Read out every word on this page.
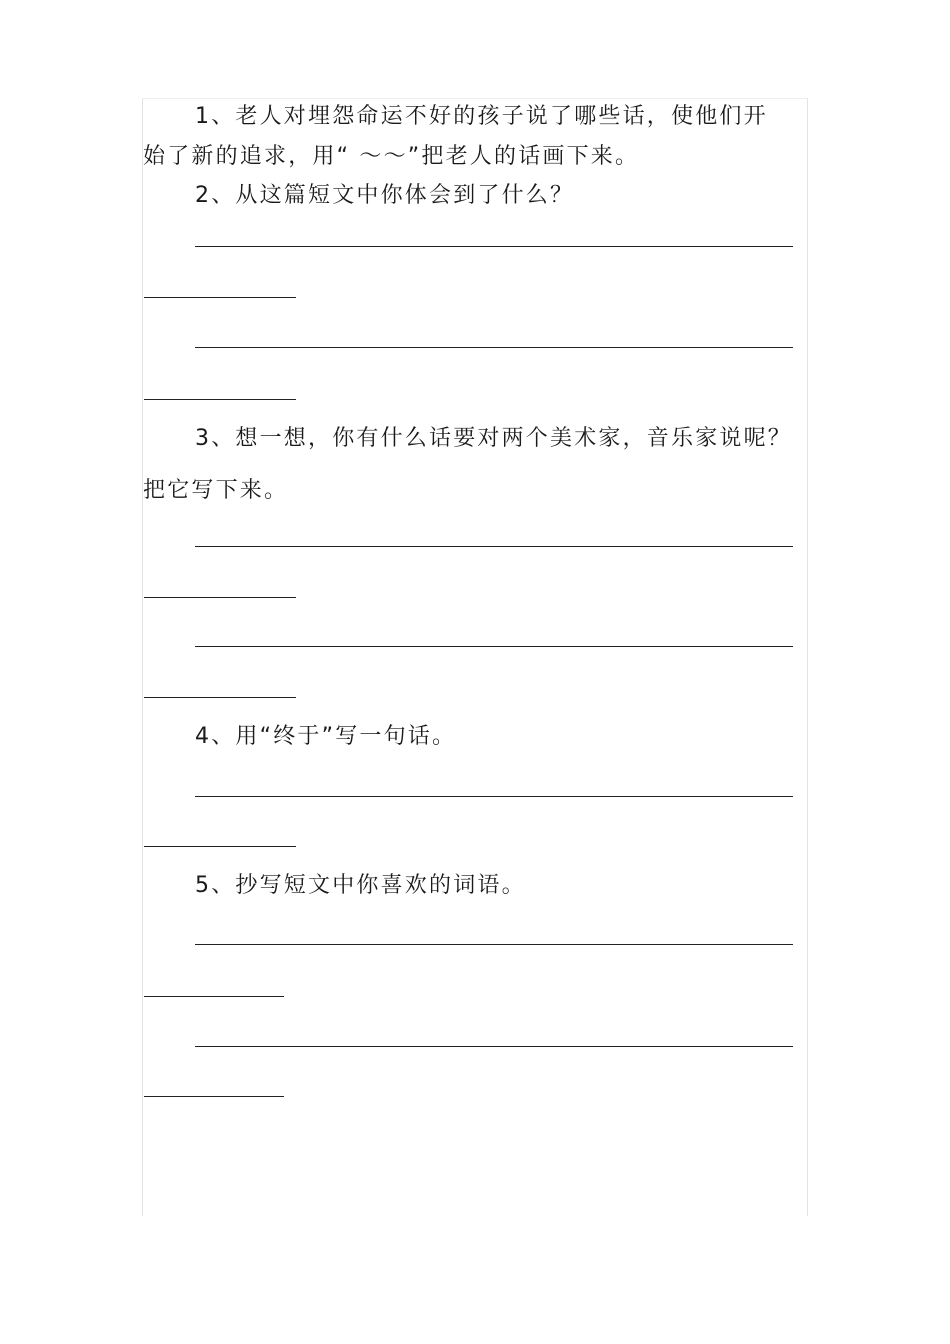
1、老人对埋怨命运不好的孩子说了哪些话，使他们开
始了新的追求，用“ ～～”把老人的话画下来。
2、从这篇短文中你体会到了什么？
3、想一想，你有什么话要对两个美术家，音乐家说呢？
把它写下来。
4、用“终于”写一句话。
5、抄写短文中你喜欢的词语。
